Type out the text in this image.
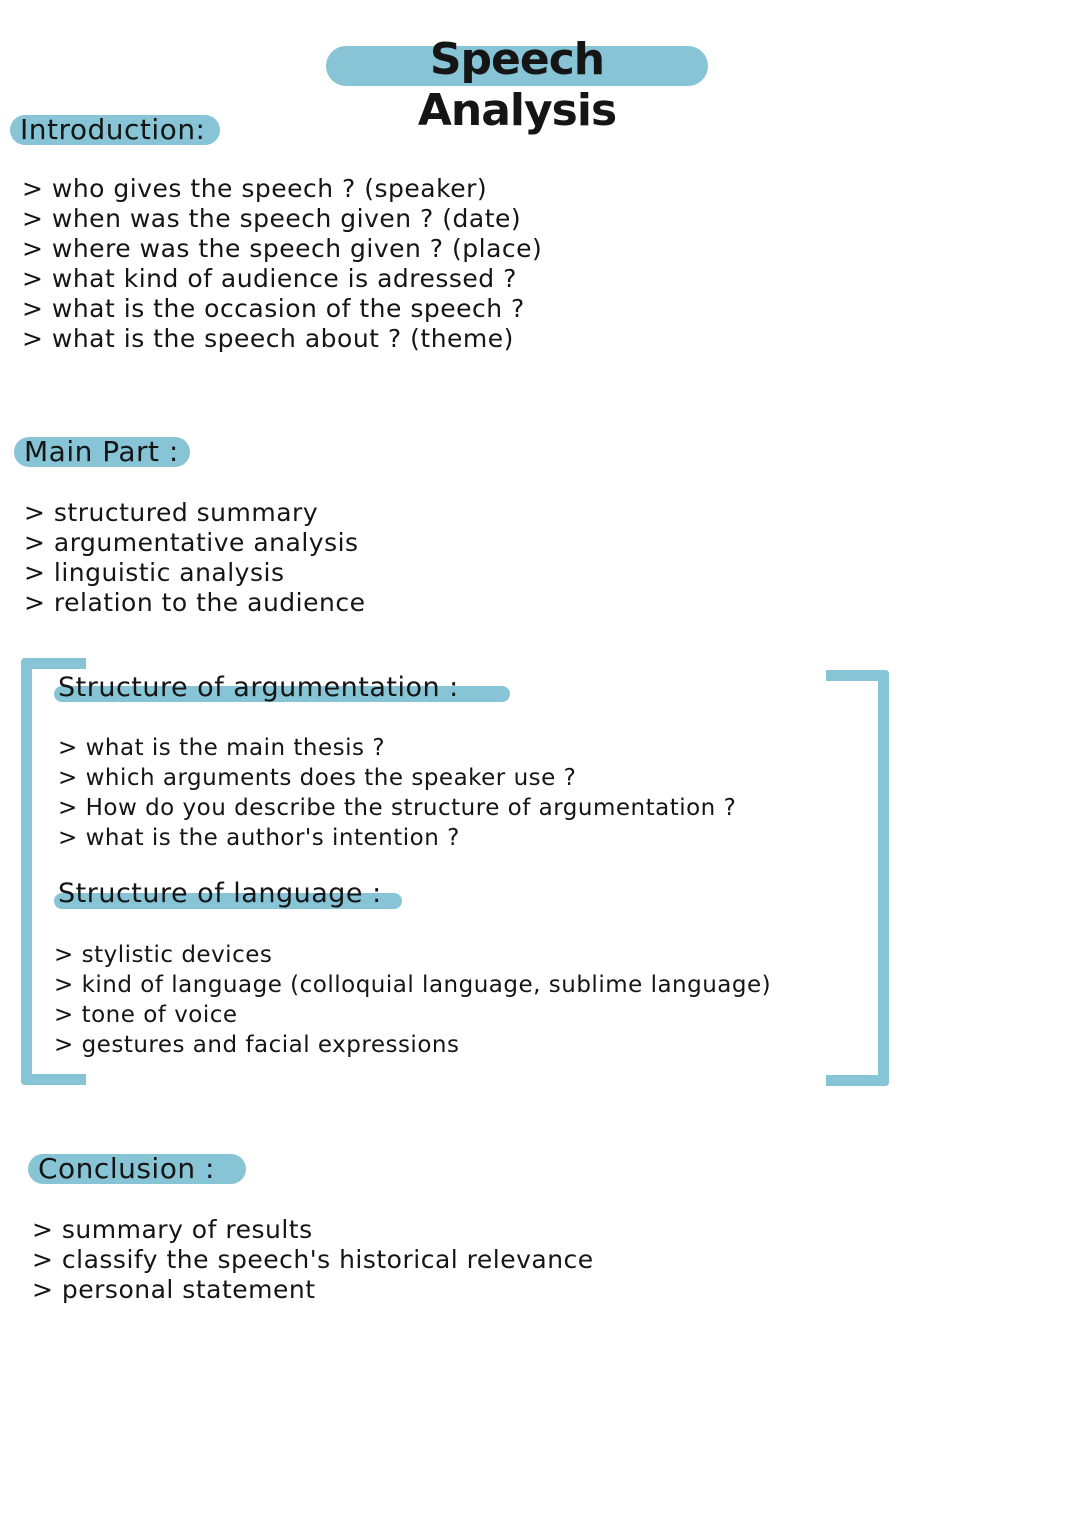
Speech Analysis
Introduction:
> who gives the speech ? (speaker)
> when was the speech given ? (date)
> where was the speech given ? (place)
> what kind of audience is adressed ?
> what is the occasion of the speech ?
> what is the speech about ? (theme)
Main Part :
> structured summary
> argumentative analysis
> linguistic analysis
> relation to the audience
Structure of argumentation :
> what is the main thesis ?
> which arguments does the speaker use ?
> How do you describe the structure of argumentation ?
> what is the author's intention ?
Structure of language :
> stylistic devices
> kind of language (colloquial language, sublime language)
> tone of voice
> gestures and facial expressions
Conclusion :
> summary of results
> classify the speech's historical relevance
> personal statement
